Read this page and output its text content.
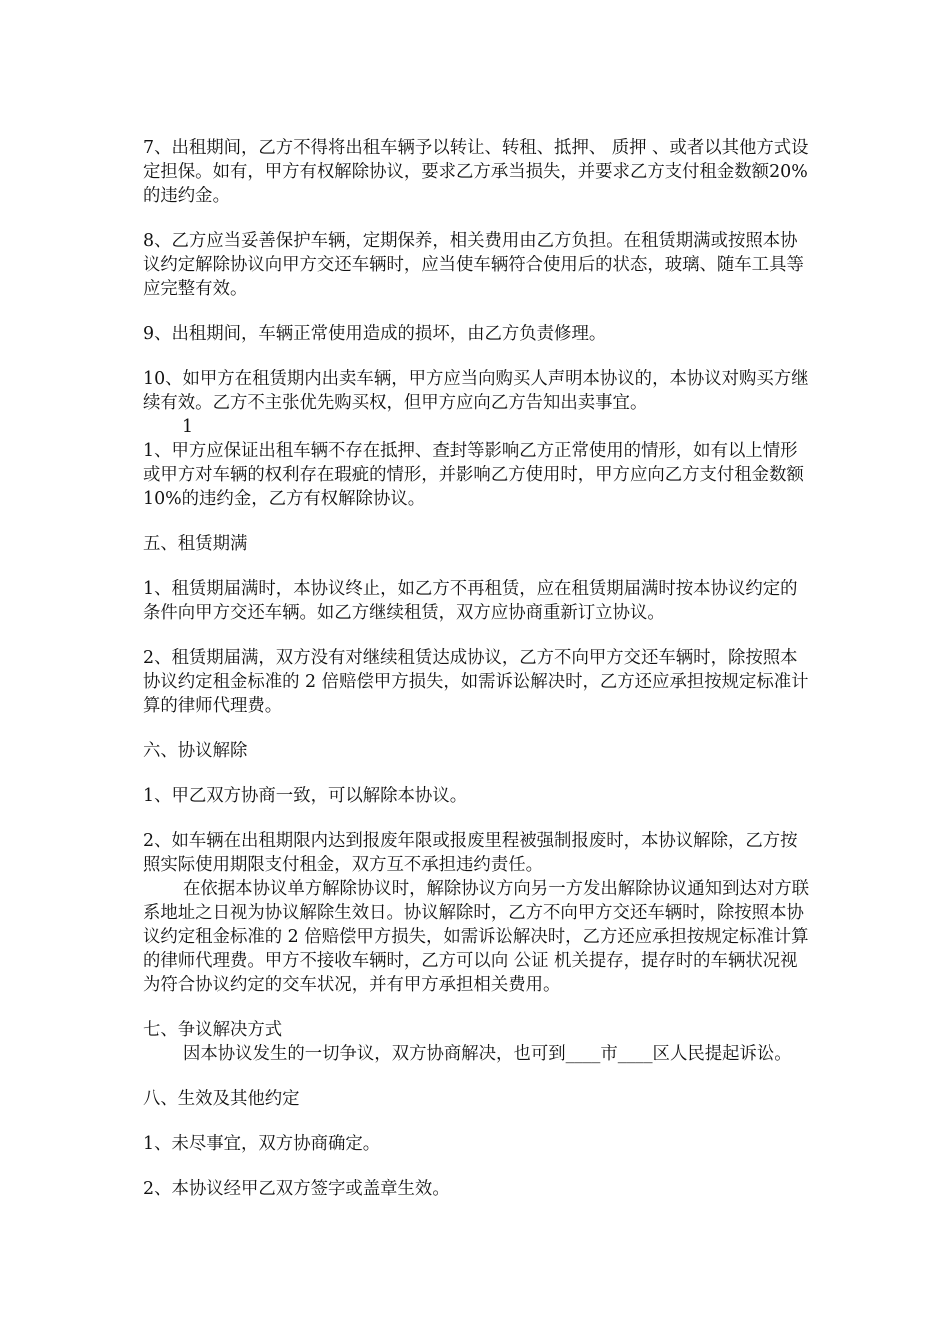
7、出租期间，乙方不得将出租车辆予以转让、转租、抵押、 质押 、或者以其他方式设定担保。如有，甲方有权解除协议，要求乙方承当损失，并要求乙方支付租金数额20%的违约金。

8、乙方应当妥善保护车辆，定期保养，相关费用由乙方负担。在租赁期满或按照本协议约定解除协议向甲方交还车辆时，应当使车辆符合使用后的状态，玻璃、随车工具等应完整有效。

9、出租期间，车辆正常使用造成的损坏，由乙方负责修理。

10、如甲方在租赁期内出卖车辆，甲方应当向购买人声明本协议的，本协议对购买方继续有效。乙方不主张优先购买权，但甲方应向乙方告知出卖事宜。

1

1、甲方应保证出租车辆不存在抵押、查封等影响乙方正常使用的情形，如有以上情形或甲方对车辆的权利存在瑕疵的情形，并影响乙方使用时，甲方应向乙方支付租金数额10%的违约金，乙方有权解除协议。

五、租赁期满

1、租赁期届满时，本协议终止，如乙方不再租赁，应在租赁期届满时按本协议约定的条件向甲方交还车辆。如乙方继续租赁，双方应协商重新订立协议。

2、租赁期届满，双方没有对继续租赁达成协议，乙方不向甲方交还车辆时，除按照本协议约定租金标准的 2 倍赔偿甲方损失，如需诉讼解决时，乙方还应承担按规定标准计算的律师代理费。

六、协议解除

1、甲乙双方协商一致，可以解除本协议。

2、如车辆在出租期限内达到报废年限或报废里程被强制报废时，本协议解除，乙方按照实际使用期限支付租金，双方互不承担违约责任。

在依据本协议单方解除协议时，解除协议方向另一方发出解除协议通知到达对方联系地址之日视为协议解除生效日。协议解除时，乙方不向甲方交还车辆时，除按照本协议约定租金标准的 2 倍赔偿甲方损失，如需诉讼解决时，乙方还应承担按规定标准计算的律师代理费。甲方不接收车辆时，乙方可以向 公证 机关提存，提存时的车辆状况视为符合协议约定的交车状况，并有甲方承担相关费用。

七、争议解决方式

因本协议发生的一切争议，双方协商解决，也可到____市____区人民提起诉讼。

八、生效及其他约定

1、未尽事宜，双方协商确定。

2、本协议经甲乙双方签字或盖章生效。
